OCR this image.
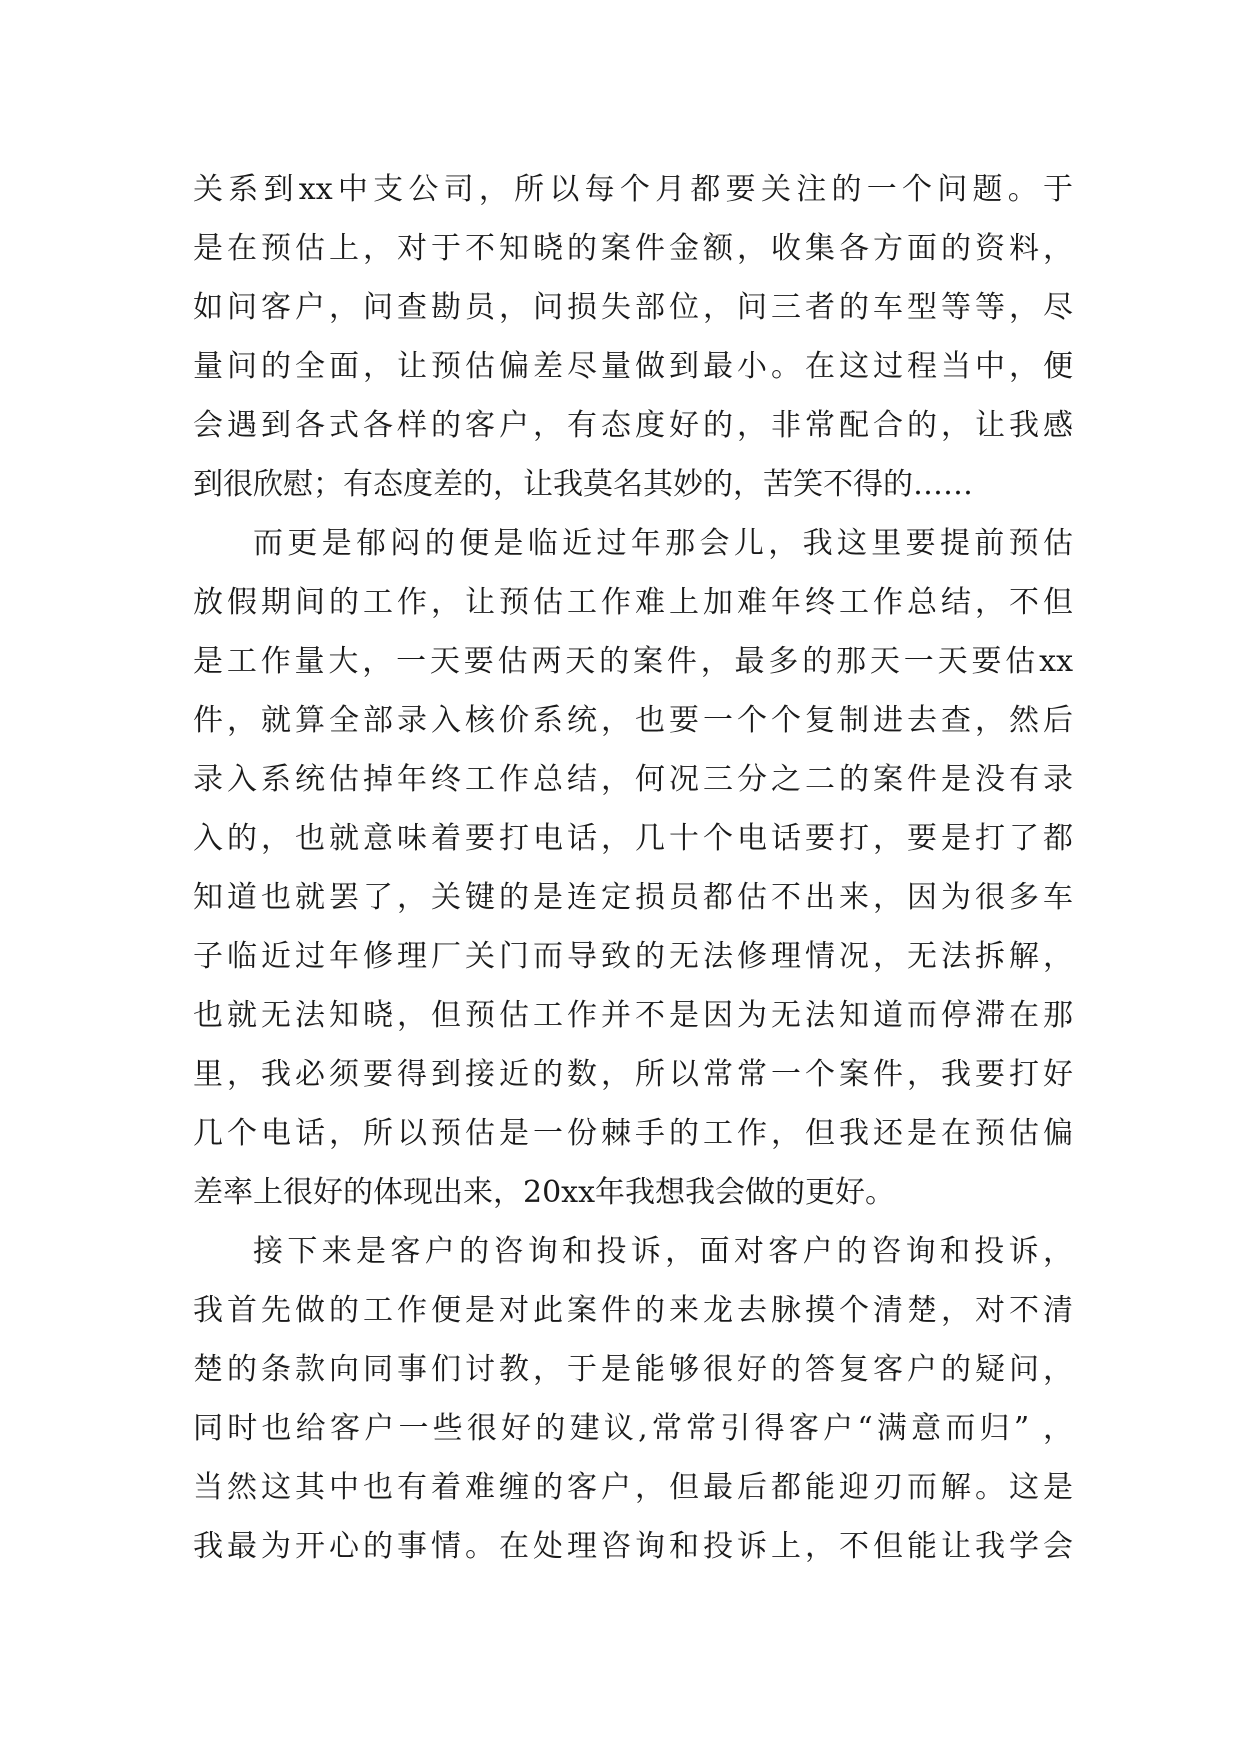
关系到xx中支公司，所以每个月都要关注的一个问题。于
是在预估上，对于不知晓的案件金额，收集各方面的资料，
如问客户，问查勘员，问损失部位，问三者的车型等等，尽
量问的全面，让预估偏差尽量做到最小。在这过程当中，便
会遇到各式各样的客户，有态度好的，非常配合的，让我感
到很欣慰；有态度差的，让我莫名其妙的，苦笑不得的……
而更是郁闷的便是临近过年那会儿，我这里要提前预估
放假期间的工作，让预估工作难上加难年终工作总结，不但
是工作量大，一天要估两天的案件，最多的那天一天要估xx
件，就算全部录入核价系统，也要一个个复制进去查，然后
录入系统估掉年终工作总结，何况三分之二的案件是没有录
入的，也就意味着要打电话，几十个电话要打，要是打了都
知道也就罢了，关键的是连定损员都估不出来，因为很多车
子临近过年修理厂关门而导致的无法修理情况，无法拆解，
也就无法知晓，但预估工作并不是因为无法知道而停滞在那
里，我必须要得到接近的数，所以常常一个案件，我要打好
几个电话，所以预估是一份棘手的工作，但我还是在预估偏
差率上很好的体现出来，20xx年我想我会做的更好。
接下来是客户的咨询和投诉，面对客户的咨询和投诉，
我首先做的工作便是对此案件的来龙去脉摸个清楚，对不清
楚的条款向同事们讨教，于是能够很好的答复客户的疑问，
同时也给客户一些很好的建议,常常引得客户“满意而归” ，
当然这其中也有着难缠的客户，但最后都能迎刃而解。这是
我最为开心的事情。在处理咨询和投诉上，不但能让我学会
